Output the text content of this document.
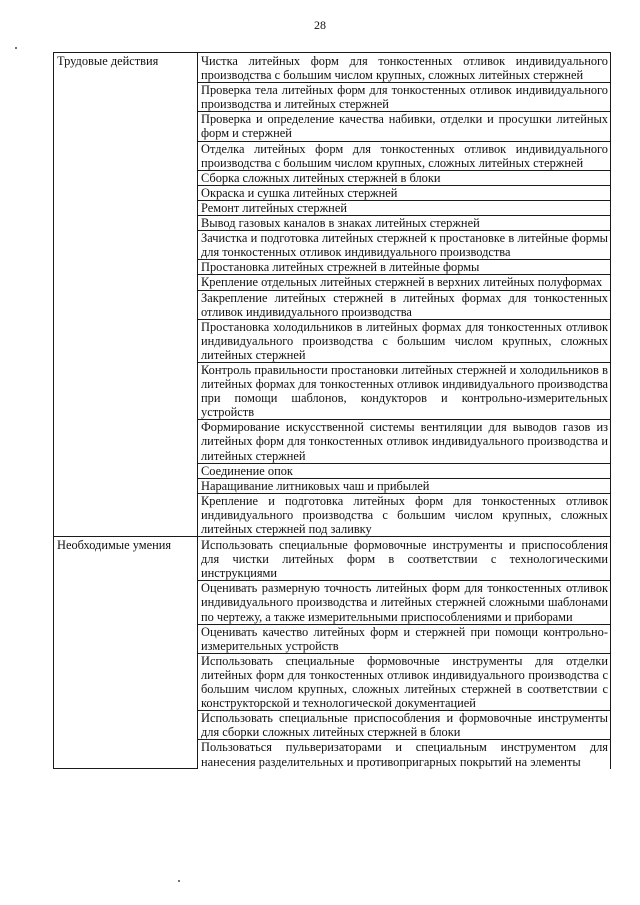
28
Трудовые действия	Чистка литейных форм для тонкостенных отливок индивидуального производства с большим числом крупных, сложных литейных стержней
	Проверка тела литейных форм для тонкостенных отливок индивидуального производства и литейных стержней
	Проверка и определение качества набивки, отделки и просушки литейных форм и стержней
	Отделка литейных форм для тонкостенных отливок индивидуального производства с большим числом крупных, сложных литейных стержней
	Сборка сложных литейных стержней в блоки
	Окраска и сушка литейных стержней
	Ремонт литейных стержней
	Вывод газовых каналов в знаках литейных стержней
	Зачистка и подготовка литейных стержней к простановке в литейные формы для тонкостенных отливок индивидуального производства
	Простановка литейных стрежней в литейные формы
	Крепление отдельных литейных стержней в верхних литейных полуформах
	Закрепление литейных стержней в литейных формах для тонкостенных отливок индивидуального производства
	Простановка холодильников в литейных формах для тонкостенных отливок индивидуального производства с большим числом крупных, сложных литейных стержней
	Контроль правильности простановки литейных стержней и холодильников в литейных формах для тонкостенных отливок индивидуального производства при помощи шаблонов, кондукторов и контрольно-измерительных устройств
	Формирование искусственной системы вентиляции для выводов газов из литейных форм для тонкостенных отливок индивидуального производства и литейных стержней
	Соединение опок
	Наращивание литниковых чаш и прибылей
	Крепление и подготовка литейных форм для тонкостенных отливок индивидуального производства с большим числом крупных, сложных литейных стержней под заливку
Необходимые умения	Использовать специальные формовочные инструменты и приспособления для чистки литейных форм в соответствии с технологическими инструкциями
	Оценивать размерную точность литейных форм для тонкостенных отливок индивидуального производства и литейных стержней сложными шаблонами по чертежу, а также измерительными приспособлениями и приборами
	Оценивать качество литейных форм и стержней при помощи контрольно-измерительных устройств
	Использовать специальные формовочные инструменты для отделки литейных форм для тонкостенных отливок индивидуального производства с большим числом крупных, сложных литейных стержней в соответствии с конструкторской и технологической документацией
	Использовать специальные приспособления и формовочные инструменты для сборки сложных литейных стержней в блоки
	Пользоваться пульверизаторами и специальным инструментом для нанесения разделительных и противопригарных покрытий на элементы
